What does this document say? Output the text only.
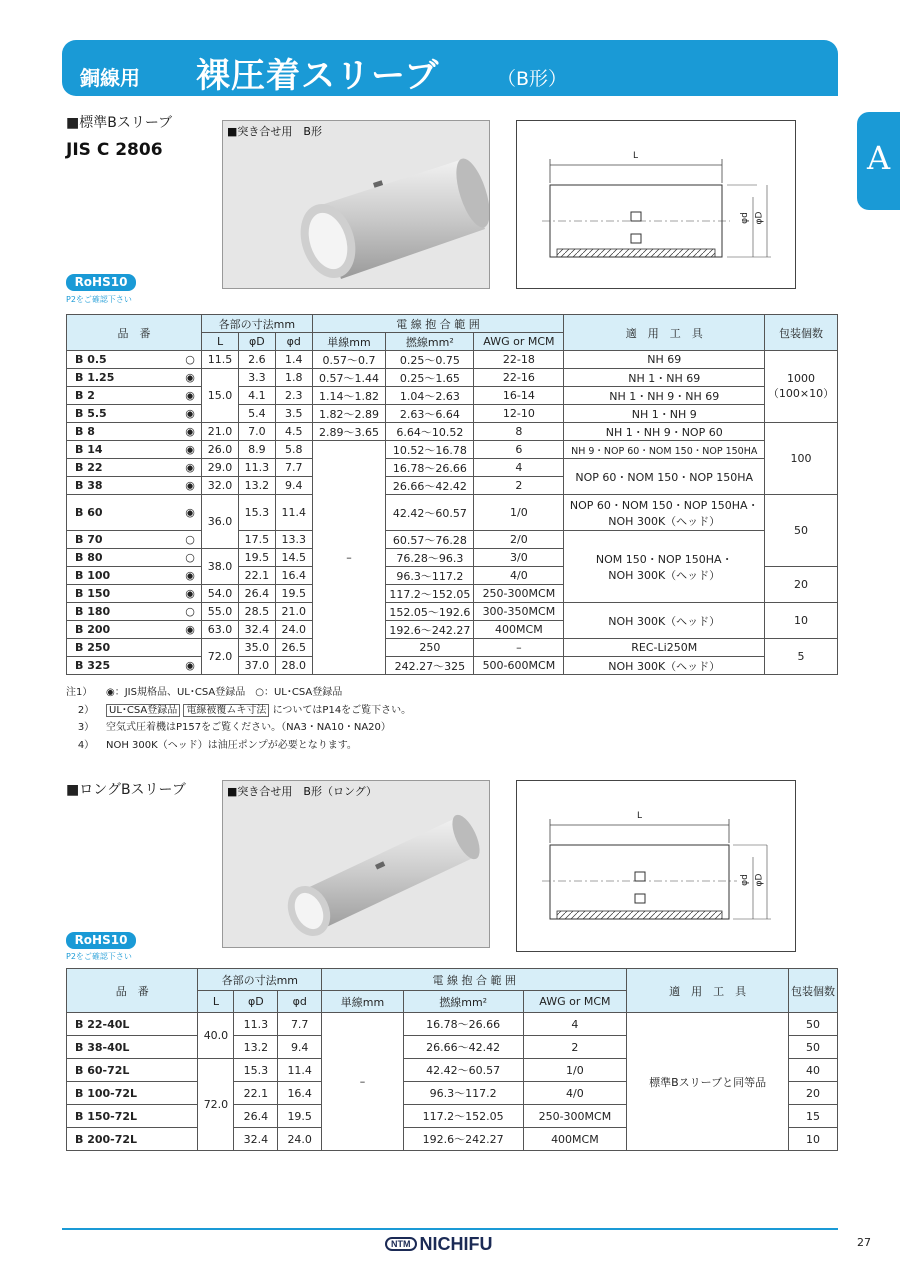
銅線用 裸圧着スリーブ	（B形）
A
■標準Bスリーブ
JIS C 2806
■突き合せ用　B形
L
φd φD
RoHS10
P2をご確認下さい
品　番		各部の寸法mm			電 線 抱 合 範 囲			適　用　工　具	包装個数
		L	φD	φd	単線mm	撚線mm²	AWG or MCM		
B 0.5	○	11.5	2.6	1.4	0.57～0.7	0.25～0.75	22-18	NH 69	1000
（100×10）
B 1.25	◉	15.0	3.3	1.8	0.57～1.44	0.25～1.65	22-16	NH 1・NH 69	
B 2	◉		4.1	2.3	1.14～1.82	1.04～2.63	16-14	NH 1・NH 9・NH 69	
B 5.5	◉		5.4	3.5	1.82～2.89	2.63～6.64	12-10	NH 1・NH 9	
B 8	◉	21.0	7.0	4.5	2.89～3.65	6.64～10.52	8	NH 1・NH 9・NOP 60	100
B 14	◉	26.0	8.9	5.8	–	10.52～16.78	6	NH 9・NOP 60・NOM 150・NOP 150HA	
B 22	◉	29.0	11.3	7.7		16.78～26.66	4	NOP 60・NOM 150・NOP 150HA	
B 38	◉	32.0	13.2	9.4		26.66～42.42	2		
B 60	◉	36.0	15.3	11.4		42.42～60.57	1/0	NOP 60・NOM 150・NOP 150HA・
NOH 300K（ヘッド）	50
B 70	○		17.5	13.3		60.57～76.28	2/0	NOM 150・NOP 150HA・
NOH 300K（ヘッド）	
B 80	○	38.0	19.5	14.5		76.28～96.3	3/0		
B 100	◉		22.1	16.4		96.3～117.2	4/0		20
B 150	◉	54.0	26.4	19.5		117.2～152.05	250-300MCM		
B 180	○	55.0	28.5	21.0		152.05～192.6	300-350MCM	NOH 300K（ヘッド）	10
B 200	◉	63.0	32.4	24.0		192.6～242.27	400MCM		
B 250		72.0	35.0	26.5		250	–	REC-Li250M	5
B 325	◉		37.0	28.0		242.27～325	500-600MCM	NOH 300K（ヘッド）	
注1） ◉：JIS規格品、UL･CSA登録品　 ○：UL･CSA登録品
2） UL･CSA登録品 電線被覆ムキ寸法 についてはP14をご覧下さい。
3） 空気式圧着機はP157をご覧ください。（NA3・NA10・NA20）
4） NOH 300K（ヘッド）は油圧ポンプが必要となります。
■ロングBスリーブ	■突き合せ用　B形（ロング）
L
φd φD
RoHS10
P2をご確認下さい
品　番	各部の寸法mm			電 線 抱 合 範 囲			適　用　工　具	包装個数
	L	φD	φd	単線mm	撚線mm²	AWG or MCM		
B 22-40L	40.0	11.3	7.7	–	16.78～26.66	4	標準Bスリーブと同等品	50
B 38-40L		13.2	9.4		26.66～42.42	2		50
B 60-72L	72.0	15.3	11.4		42.42～60.57	1/0		40
B 100-72L		22.1	16.4		96.3～117.2	4/0		20
B 150-72L		26.4	19.5		117.2～152.05	250-300MCM		15
B 200-72L		32.4	24.0		192.6～242.27	400MCM		10
NTM NICHIFU	27
